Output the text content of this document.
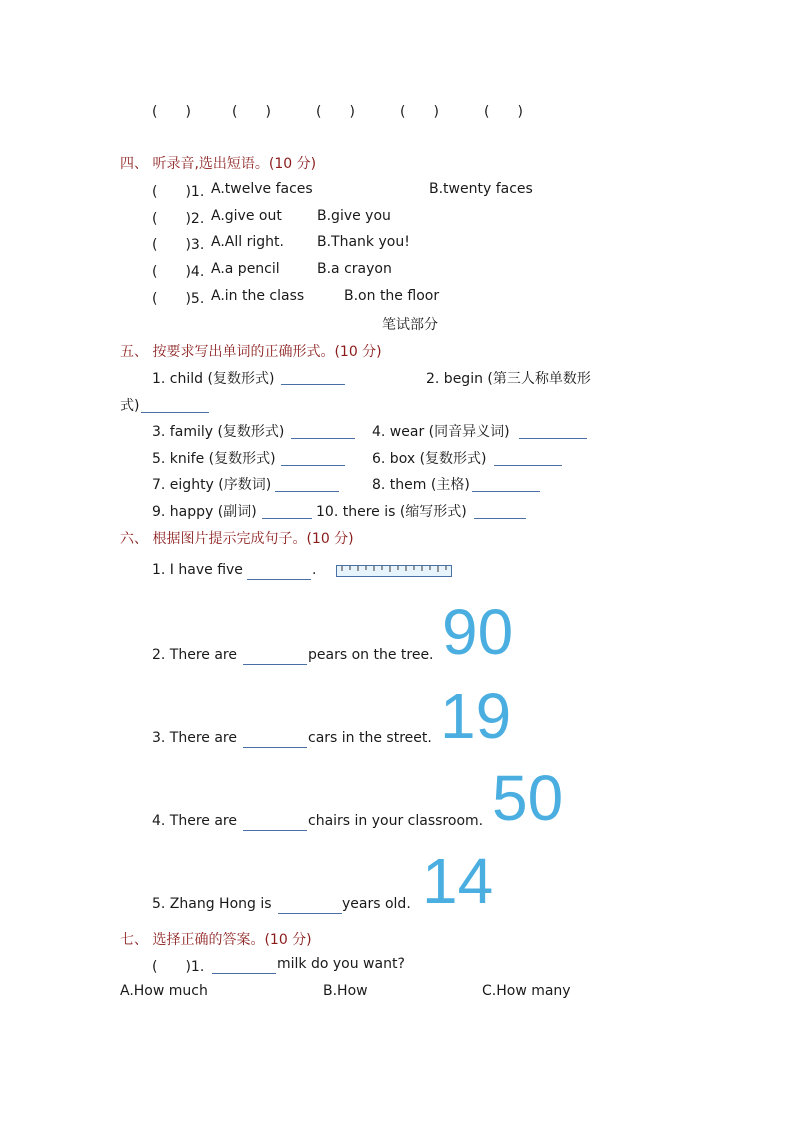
(　　)	(　　)	(　　)	(　　)	(　　)
四、 听录音,选出短语。(10 分)
(　　)1. A.twelve faces	B.twenty faces
(　　)2. A.give out	B.give you
(　　)3. A.All right. B.Thank you!
(　　)4. A.a pencil	B.a crayon
(　　)5. A.in the class	B.on the floor
笔试部分
五、 按要求写出单词的正确形式。(10 分)
1. child (复数形式)	2. begin (第三人称单数形
式)
3. family (复数形式)	4. wear (同音异义词)
5. knife (复数形式)	6. box (复数形式)
7. eighty (序数词)	8. them (主格)
9. happy (副词)	10. there is (缩写形式)
六、 根据图片提示完成句子。(10 分)
1. I have five	.
2. There are	pears on the tree. 90
3. There are	cars in the street. 19
4. There are	chairs in your classroom. 50
5. Zhang Hong is	years old. 14
七、 选择正确的答案。(10 分)
(　　)1.	milk do you want?
A.How much	B.How	C.How many
